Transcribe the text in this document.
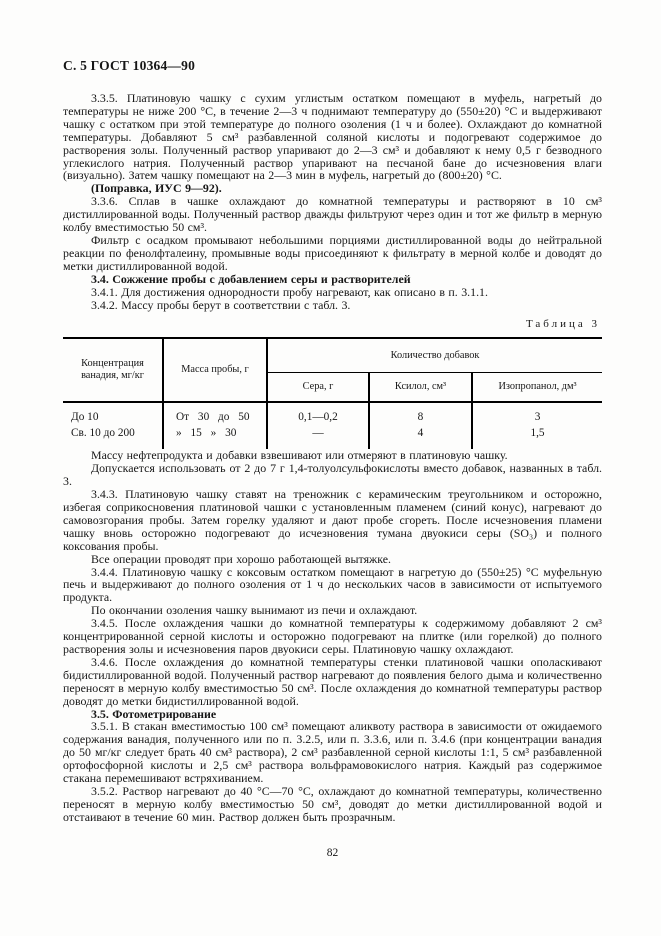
С. 5 ГОСТ 10364—90

3.3.5. Платиновую чашку с сухим углистым остатком помещают в муфель, нагретый до температуры не ниже 200 °С, в течение 2—3 ч поднимают температуру до (550±20) °С и выдерживают чашку с остатком при этой температуре до полного озоления (1 ч и более). Охлаждают до комнатной температуры. Добавляют 5 см³ разбавленной соляной кислоты и подогревают содержимое до растворения золы. Полученный раствор упаривают до 2—3 см³ и добавляют к нему 0,5 г безводного углекислого натрия. Полученный раствор упаривают на песчаной бане до исчезновения влаги (визуально). Затем чашку помещают на 2—3 мин в муфель, нагретый до (800±20) °С.

(Поправка, ИУС 9—92).

3.3.6. Сплав в чашке охлаждают до комнатной температуры и растворяют в 10 см³ дистиллированной воды. Полученный раствор дважды фильтруют через один и тот же фильтр в мерную колбу вместимостью 50 см³.

Фильтр с осадком промывают небольшими порциями дистиллированной воды до нейтральной реакции по фенолфталеину, промывные воды присоединяют к фильтрату в мерной колбе и доводят до метки дистиллированной водой.

3.4. Сожжение пробы с добавлением серы и растворителей

3.4.1. Для достижения однородности пробу нагревают, как описано в п. 3.1.1.

3.4.2. Массу пробы берут в соответствии с табл. 3.

Таблица 3
Концентрация ванадия, мг/кг	Масса пробы, г	Количество добавок		
		Сера, г	Ксилол, см³	Изопропанол, дм³
До 10	От 30 до 50	0,1—0,2	8	3
Св. 10 до 200	» 15 » 30	—	4	1,5

Массу нефтепродукта и добавки взвешивают или отмеряют в платиновую чашку.

Допускается использовать от 2 до 7 г 1,4-толуолсульфокислоты вместо добавок, названных в табл. 3.

3.4.3. Платиновую чашку ставят на треножник с керамическим треугольником и осторожно, избегая соприкосновения платиновой чашки с установленным пламенем (синий конус), нагревают до самовозгорания пробы. Затем горелку удаляют и дают пробе сгореть. После исчезновения пламени чашку вновь осторожно подогревают до исчезновения тумана двуокиси серы (SO₃) и полного коксования пробы.

Все операции проводят при хорошо работающей вытяжке.

3.4.4. Платиновую чашку с коксовым остатком помещают в нагретую до (550±25) °С муфельную печь и выдерживают до полного озоления от 1 ч до нескольких часов в зависимости от испытуемого продукта.

По окончании озоления чашку вынимают из печи и охлаждают.

3.4.5. После охлаждения чашки до комнатной температуры к содержимому добавляют 2 см³ концентрированной серной кислоты и осторожно подогревают на плитке (или горелкой) до полного растворения золы и исчезновения паров двуокиси серы. Платиновую чашку охлаждают.

3.4.6. После охлаждения до комнатной температуры стенки платиновой чашки ополаскивают бидистиллированной водой. Полученный раствор нагревают до появления белого дыма и количественно переносят в мерную колбу вместимостью 50 см³. После охлаждения до комнатной температуры раствор доводят до метки бидистиллированной водой.

3.5. Фотометрирование

3.5.1. В стакан вместимостью 100 см³ помещают аликвоту раствора в зависимости от ожидаемого содержания ванадия, полученного или по п. 3.2.5, или п. 3.3.6, или п. 3.4.6 (при концентрации ванадия до 50 мг/кг следует брать 40 см³ раствора), 2 см³ разбавленной серной кислоты 1:1, 5 см³ разбавленной ортофосфорной кислоты и 2,5 см³ раствора вольфрамовокислого натрия. Каждый раз содержимое стакана перемешивают встряхиванием.

3.5.2. Раствор нагревают до 40 °С—70 °С, охлаждают до комнатной температуры, количественно переносят в мерную колбу вместимостью 50 см³, доводят до метки дистиллированной водой и отстаивают в течение 60 мин. Раствор должен быть прозрачным.

82
